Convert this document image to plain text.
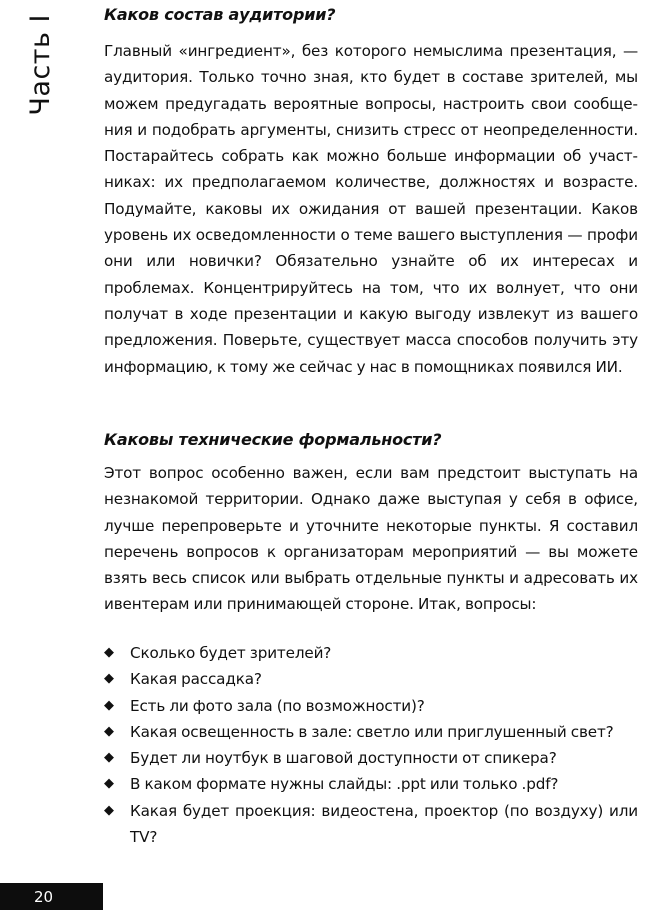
Часть I	Каков состав аудитории?

Главный «ингредиент», без которого немыслима презентация, — аудитория. Только точно зная, кто будет в составе зрителей, мы можем предугадать вероятные вопросы, настроить свои сообщения и подобрать аргументы, снизить стресс от неопределенности. Постарайтесь собрать как можно больше информации об участниках: их предполагаемом количестве, должностях и возрасте. Подумайте, каковы их ожидания от вашей презентации. Каков уровень их осведомленности о теме вашего выступления — профи они или новички? Обязательно узнайте об их интересах и проблемах. Концентрируйтесь на том, что их волнует, что они получат в ходе презентации и какую выгоду извлекут из вашего предложения. Поверьте, существует масса способов получить эту информацию, к тому же сейчас у нас в помощниках появился ИИ.

Каковы технические формальности?

Этот вопрос особенно важен, если вам предстоит выступать на незнакомой территории. Однако даже выступая у себя в офисе, лучше перепроверьте и уточните некоторые пункты. Я составил перечень вопросов к организаторам мероприятий — вы можете взять весь список или выбрать отдельные пункты и адресовать их ивентерам или принимающей стороне. Итак, вопросы:

◆ Сколько будет зрителей?
◆ Какая рассадка?
◆ Есть ли фото зала (по возможности)?
◆ Какая освещенность в зале: светло или приглушенный свет?
◆ Будет ли ноутбук в шаговой доступности от спикера?
◆ В каком формате нужны слайды: .ppt или только .pdf?
◆ Какая будет проекция: видеостена, проектор (по воздуху) или TV?
20
